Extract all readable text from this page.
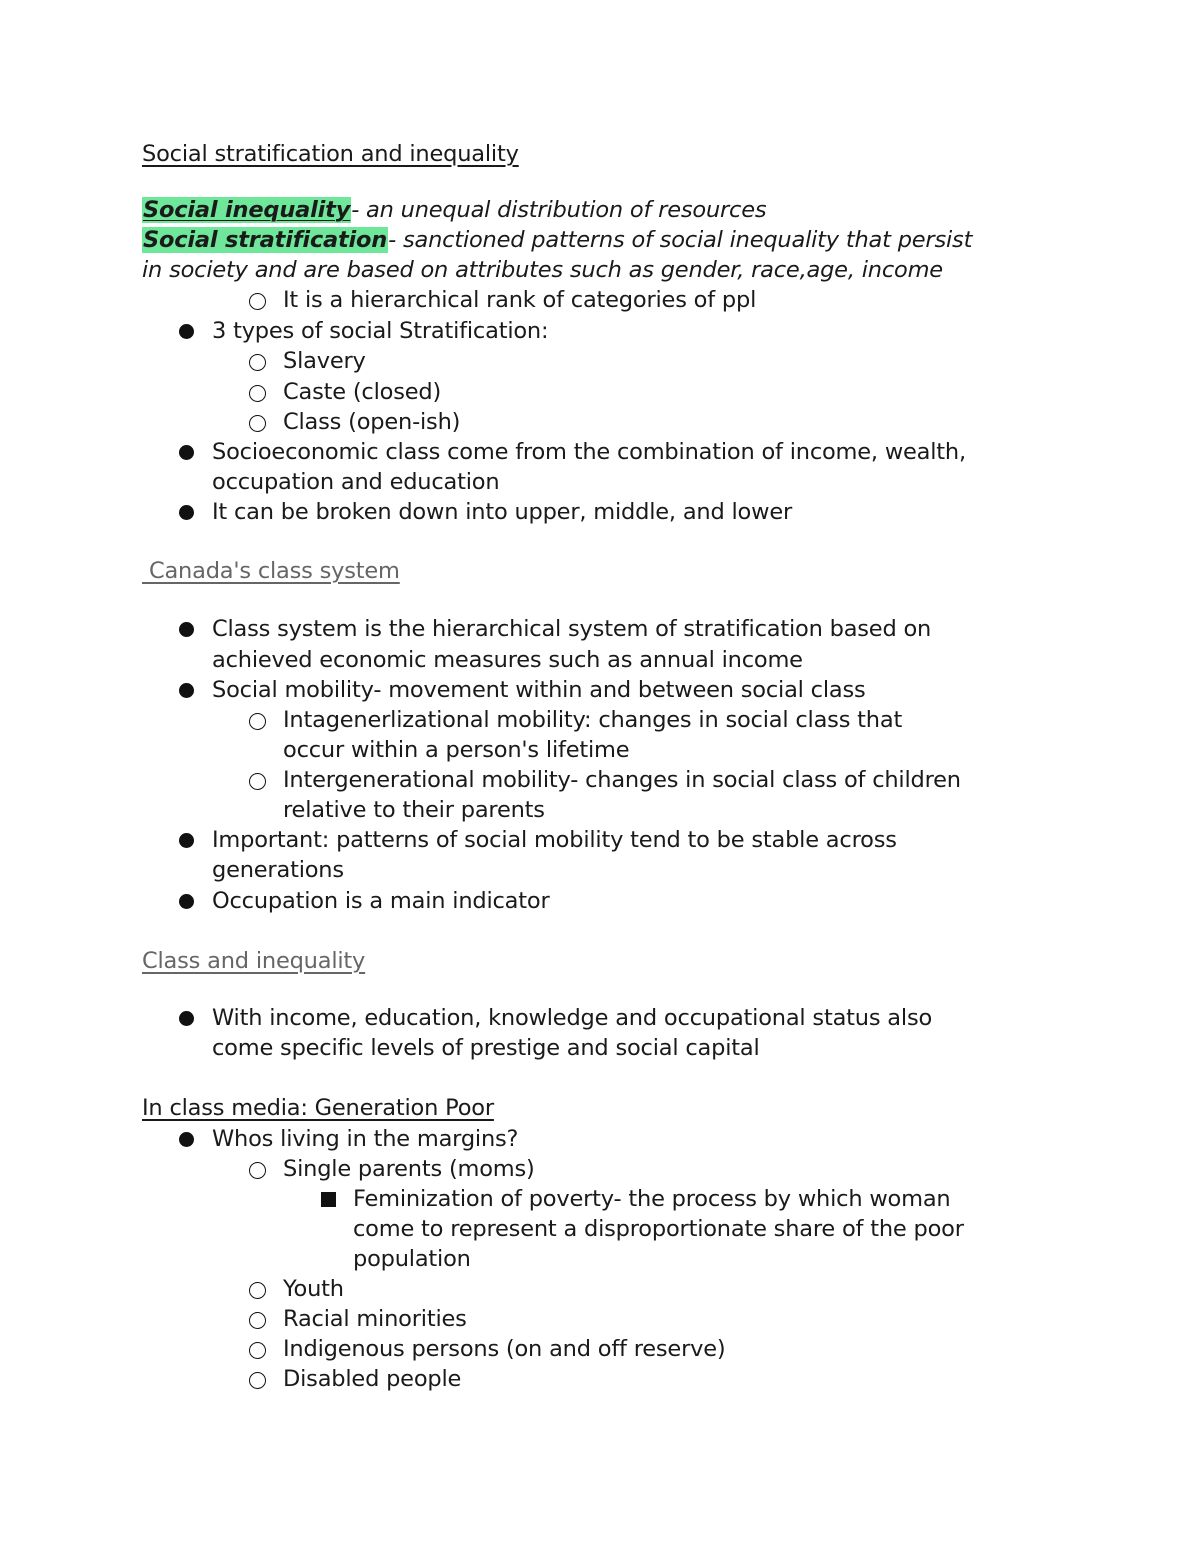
Social stratification and inequality
Social inequality- an unequal distribution of resources
Social stratification- sanctioned patterns of social inequality that persist
in society and are based on attributes such as gender, race,age, income
It is a hierarchical rank of categories of ppl
3 types of social Stratification:
Slavery
Caste (closed)
Class (open-ish)
Socioeconomic class come from the combination of income, wealth,
occupation and education
It can be broken down into upper, middle, and lower
Canada's class system
Class system is the hierarchical system of stratification based on
achieved economic measures such as annual income
Social mobility- movement within and between social class
Intagenerlizational mobility: changes in social class that
occur within a person's lifetime
Intergenerational mobility- changes in social class of children
relative to their parents
Important: patterns of social mobility tend to be stable across
generations
Occupation is a main indicator
Class and inequality
With income, education, knowledge and occupational status also
come specific levels of prestige and social capital
In class media: Generation Poor
Whos living in the margins?
Single parents (moms)
Feminization of poverty- the process by which woman
come to represent a disproportionate share of the poor
population
Youth
Racial minorities
Indigenous persons (on and off reserve)
Disabled people
